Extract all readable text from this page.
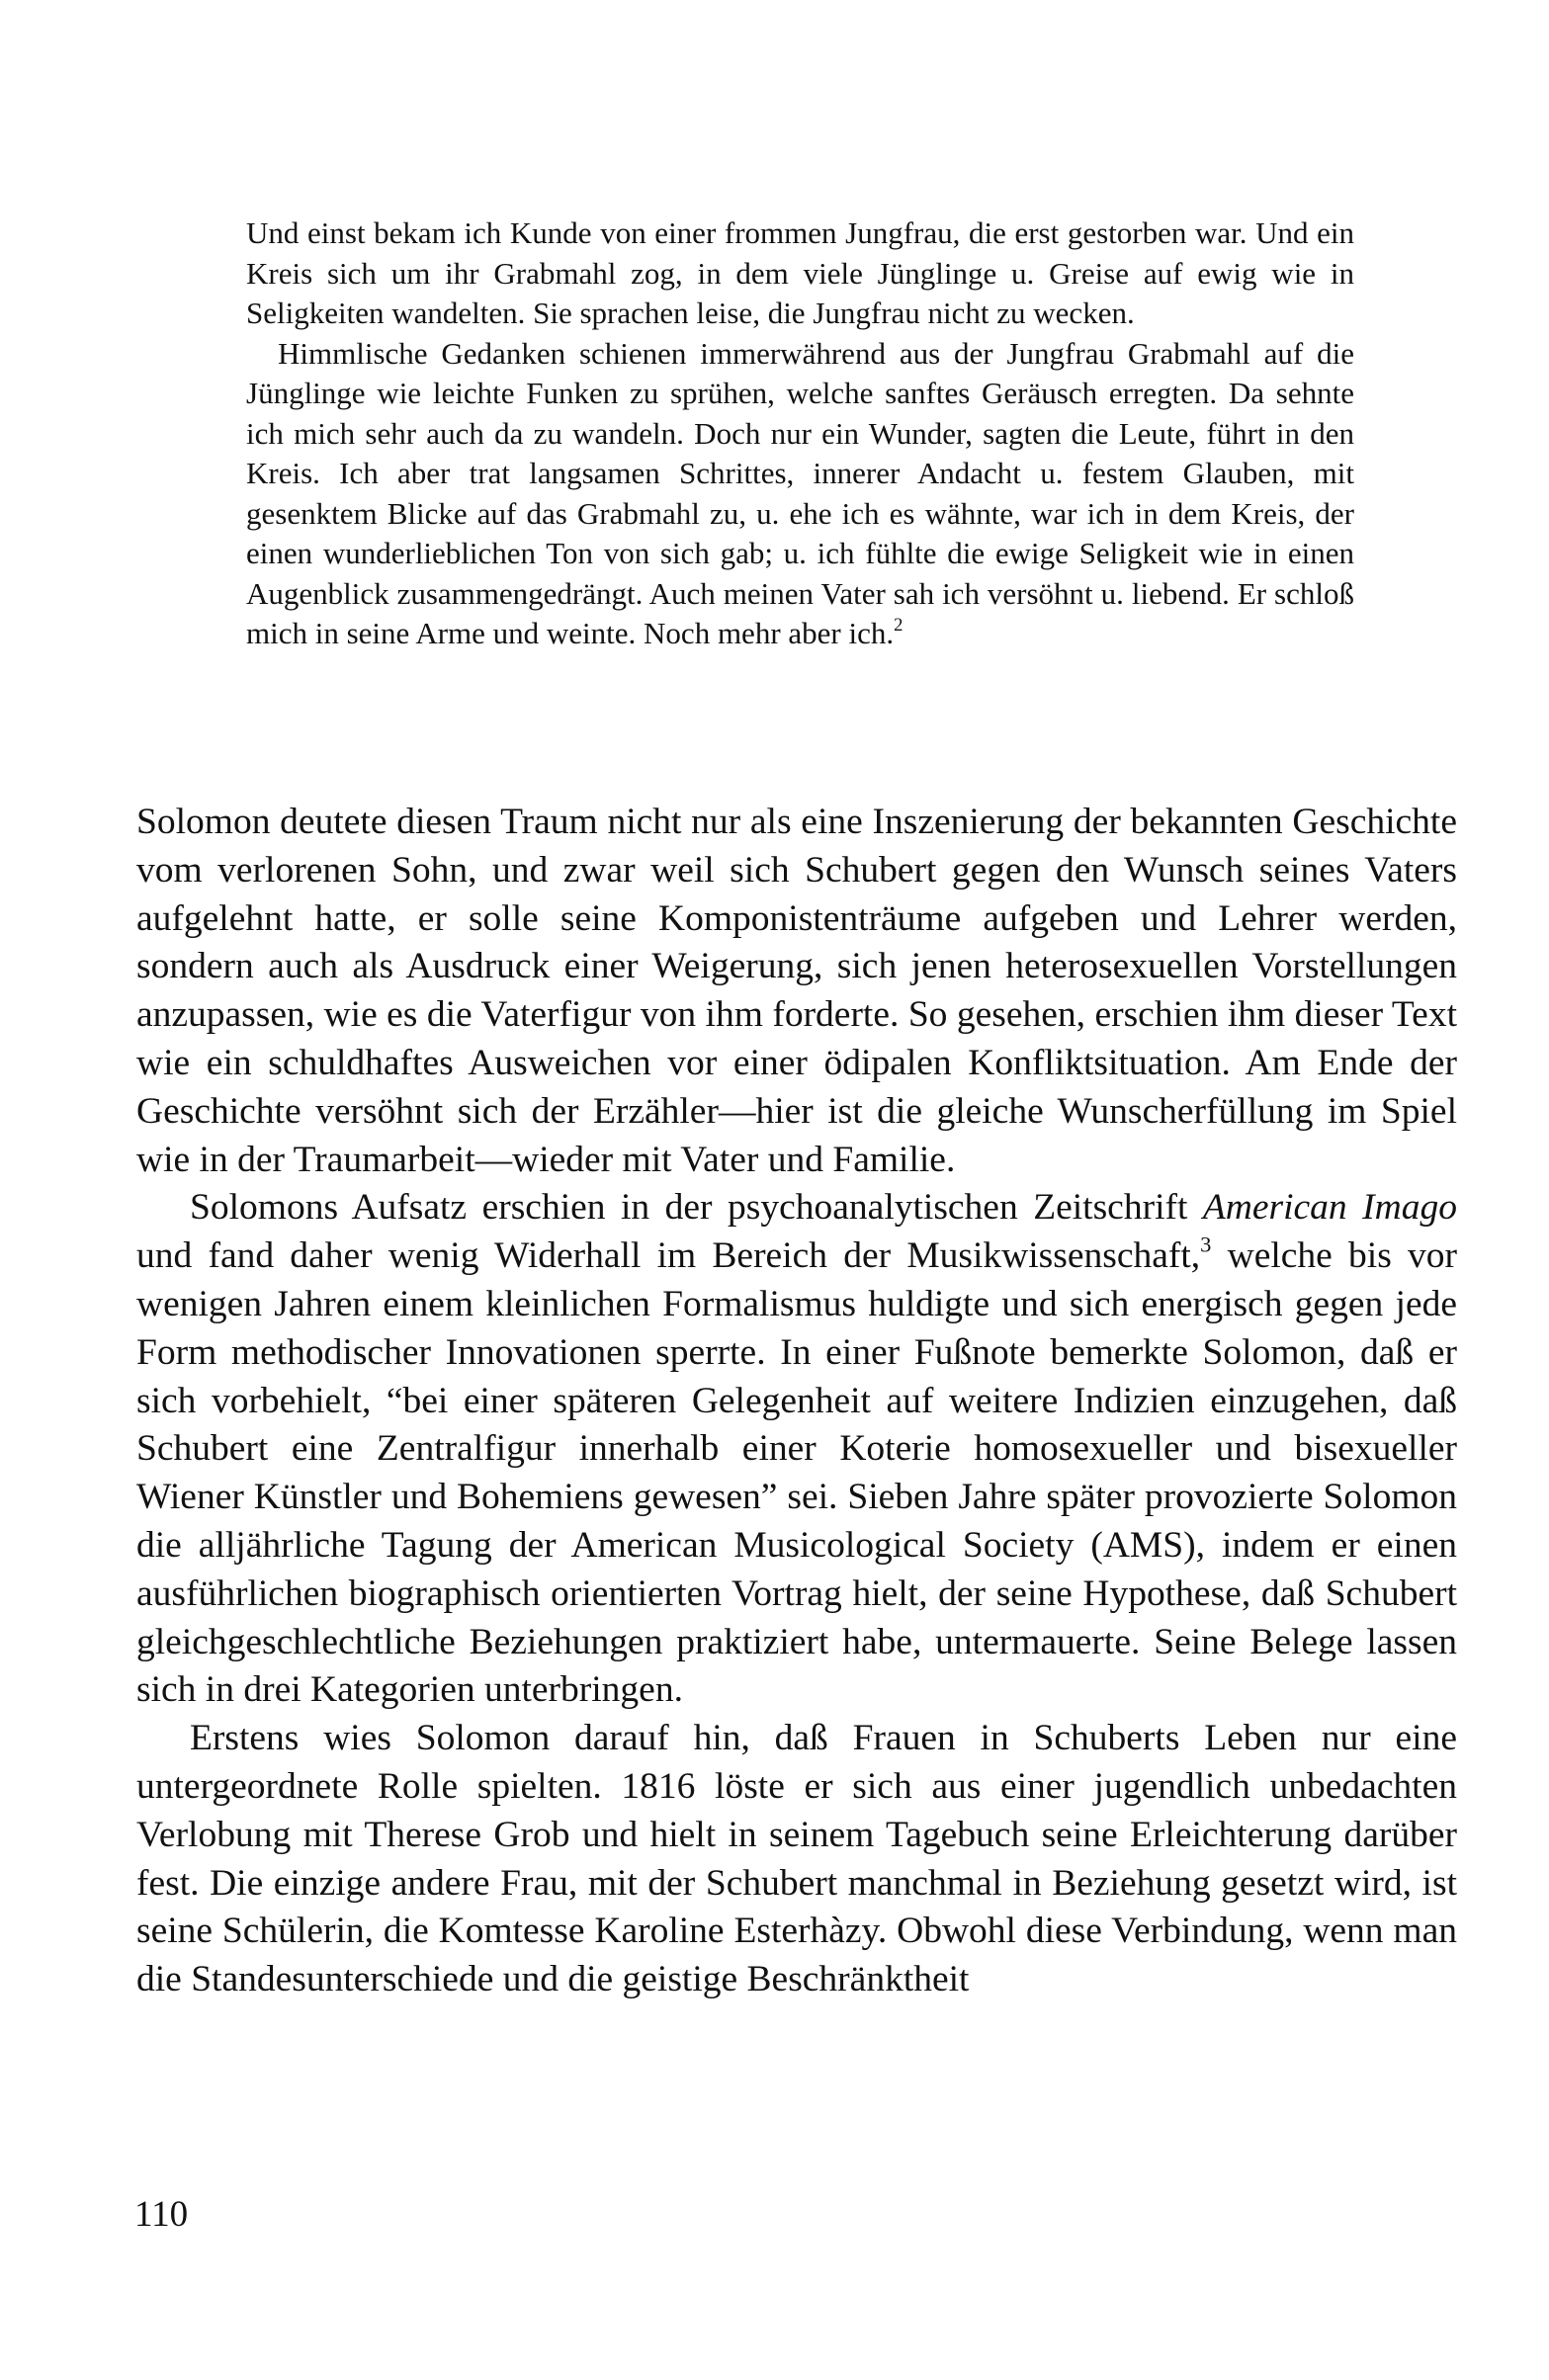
Und einst bekam ich Kunde von einer frommen Jungfrau, die erst gestorben war. Und ein Kreis sich um ihr Grabmahl zog, in dem viele Jünglinge u. Greise auf ewig wie in Seligkeiten wandelten. Sie sprachen leise, die Jungfrau nicht zu wecken.

Himmlische Gedanken schienen immerwährend aus der Jungfrau Grabmahl auf die Jünglinge wie leichte Funken zu sprühen, welche sanftes Geräusch erregten. Da sehnte ich mich sehr auch da zu wandeln. Doch nur ein Wunder, sagten die Leute, führt in den Kreis. Ich aber trat langsamen Schrittes, innerer Andacht u. festem Glauben, mit gesenktem Blicke auf das Grabmahl zu, u. ehe ich es wähnte, war ich in dem Kreis, der einen wunderlieblichen Ton von sich gab; u. ich fühlte die ewige Seligkeit wie in einen Augenblick zusammengedrängt. Auch meinen Vater sah ich versöhnt u. liebend. Er schloß mich in seine Arme und weinte. Noch mehr aber ich.$^2$

Solomon deutete diesen Traum nicht nur als eine Inszenierung der bekannten Geschichte vom verlorenen Sohn, und zwar weil sich Schubert gegen den Wunsch seines Vaters aufgelehnt hatte, er solle seine Komponistenträume aufgeben und Lehrer werden, sondern auch als Ausdruck einer Weigerung, sich jenen heterosexuellen Vorstellungen anzupassen, wie es die Vaterfigur von ihm forderte. So gesehen, erschien ihm dieser Text wie ein schuldhaftes Ausweichen vor einer ödipalen Konfliktsituation. Am Ende der Geschichte versöhnt sich der Erzähler—hier ist die gleiche Wunscherfüllung im Spiel wie in der Traumarbeit—wieder mit Vater und Familie.

Solomons Aufsatz erschien in der psychoanalytischen Zeitschrift American Imago und fand daher wenig Widerhall im Bereich der Musikwissenschaft,$^3$ welche bis vor wenigen Jahren einem kleinlichen Formalismus huldigte und sich energisch gegen jede Form methodischer Innovationen sperrte. In einer Fußnote bemerkte Solomon, daß er sich vorbehielt, “bei einer späteren Gelegenheit auf weitere Indizien einzugehen, daß Schubert eine Zentralfigur innerhalb einer Koterie homosexueller und bisexueller Wiener Künstler und Bohemiens gewesen” sei. Sieben Jahre später provozierte Solomon die alljährliche Tagung der American Musicological Society (AMS), indem er einen ausführlichen biographisch orientierten Vortrag hielt, der seine Hypothese, daß Schubert gleichgeschlechtliche Beziehungen praktiziert habe, untermauerte. Seine Belege lassen sich in drei Kategorien unterbringen.

Erstens wies Solomon darauf hin, daß Frauen in Schuberts Leben nur eine untergeordnete Rolle spielten. 1816 löste er sich aus einer jugendlich unbedachten Verlobung mit Therese Grob und hielt in seinem Tagebuch seine Erleichterung darüber fest. Die einzige andere Frau, mit der Schubert manchmal in Beziehung gesetzt wird, ist seine Schülerin, die Komtesse Karoline Esterhàzy. Obwohl diese Verbindung, wenn man die Standesunterschiede und die geistige Beschränktheit

110
